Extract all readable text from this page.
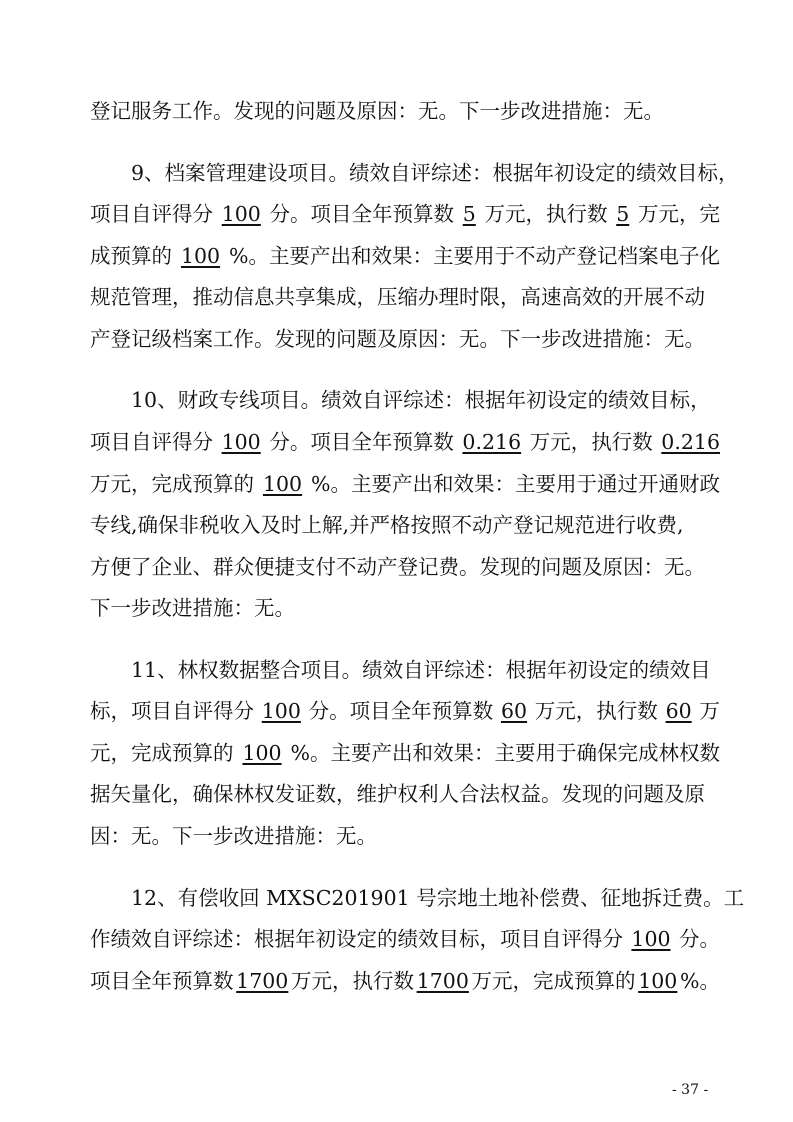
登记服务工作。发现的问题及原因：无。下一步改进措施：无。
9、档案管理建设项目。绩效自评综述：根据年初设定的绩效目标，
项目自评得分 100 分。项目全年预算数 5 万元，执行数 5 万元，完
成预算的 100 %。主要产出和效果：主要用于不动产登记档案电子化
规范管理，推动信息共享集成，压缩办理时限，高速高效的开展不动
产登记级档案工作。发现的问题及原因：无。下一步改进措施：无。
10、财政专线项目。绩效自评综述：根据年初设定的绩效目标，
项目自评得分 100 分。项目全年预算数 0.216 万元，执行数 0.216
万元，完成预算的 100 %。主要产出和效果：主要用于通过开通财政
专线,确保非税收入及时上解,并严格按照不动产登记规范进行收费,
方便了企业、群众便捷支付不动产登记费。发现的问题及原因：无。
下一步改进措施：无。
11、林权数据整合项目。绩效自评综述：根据年初设定的绩效目
标，项目自评得分 100 分。项目全年预算数 60 万元，执行数 60 万
元，完成预算的 100 %。主要产出和效果：主要用于确保完成林权数
据矢量化，确保林权发证数，维护权利人合法权益。发现的问题及原
因：无。下一步改进措施：无。
12、有偿收回 MXSC201901 号宗地土地补偿费、征地拆迁费。工
作绩效自评综述：根据年初设定的绩效目标，项目自评得分 100 分。
项目全年预算数 1700 万元，执行数 1700 万元，完成预算的 100 %。
- 37 -
